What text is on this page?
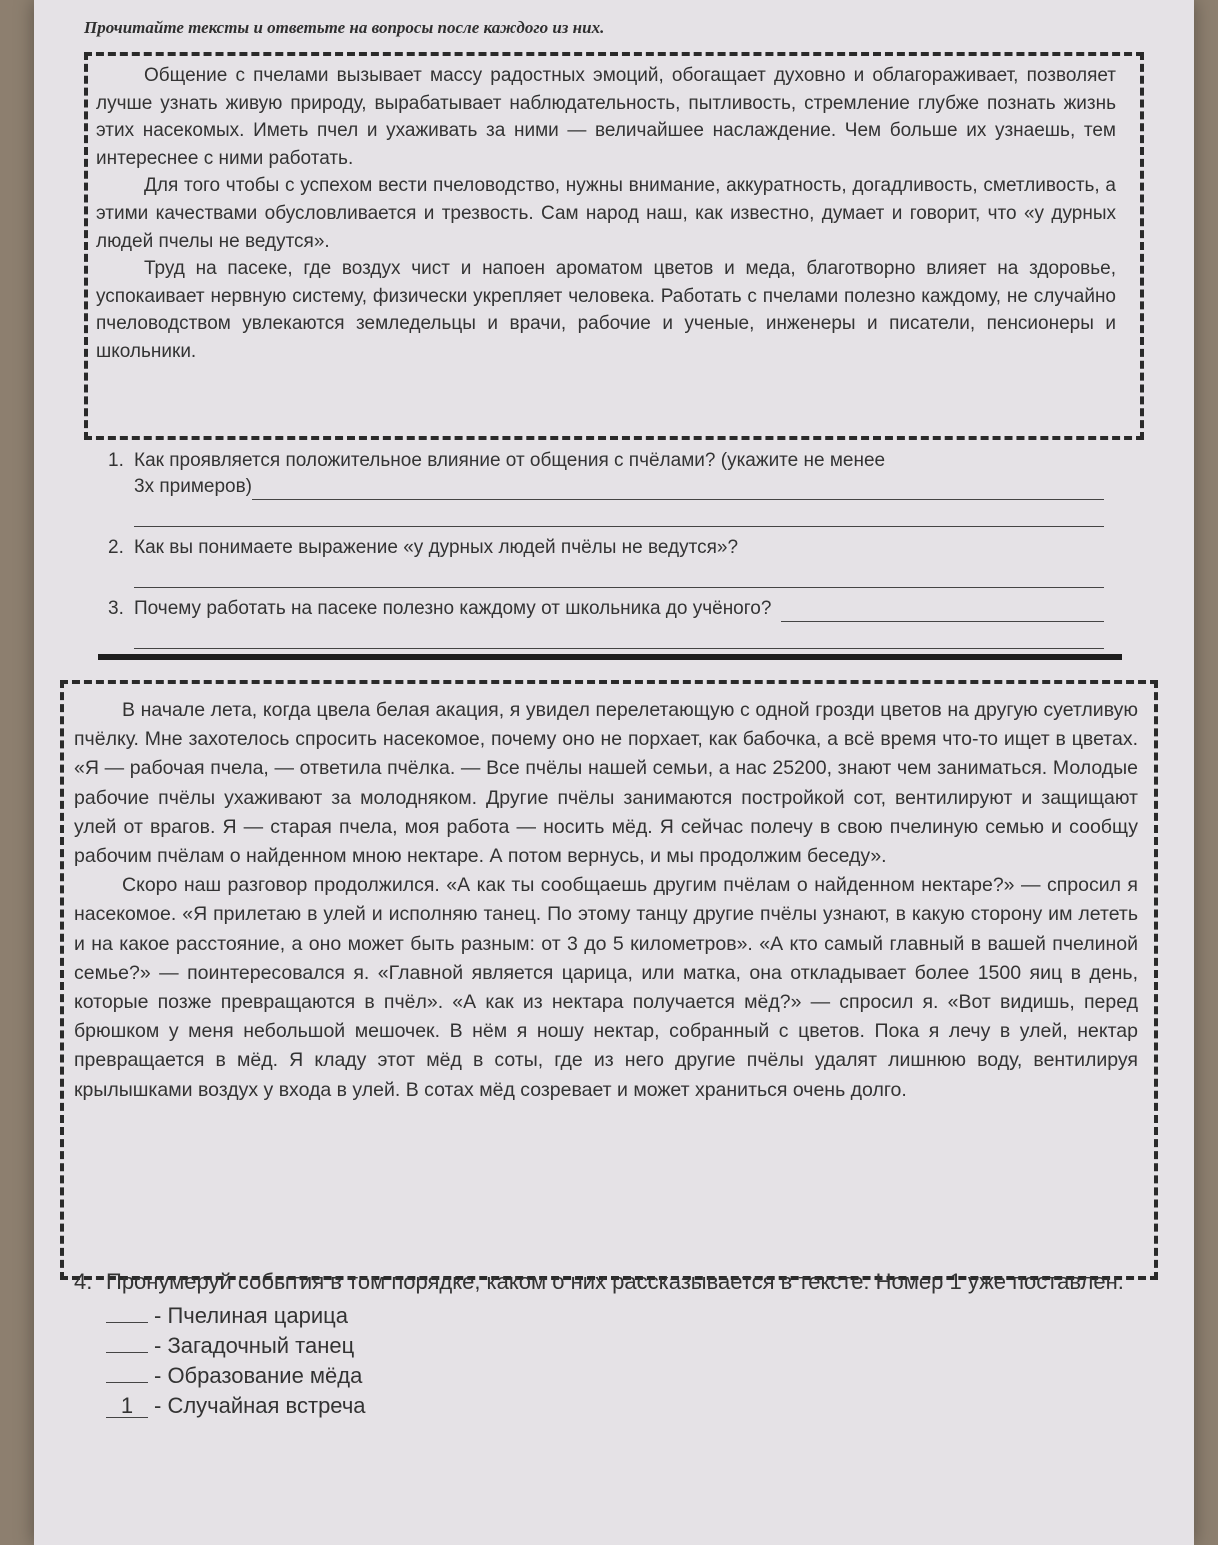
Прочитайте тексты и ответьте на вопросы после каждого из них.

Общение с пчелами вызывает массу радостных эмоций, обогащает духовно и облагораживает, позволяет лучше узнать живую природу, вырабатывает наблюдательность, пытливость, стремление глубже познать жизнь этих насекомых. Иметь пчел и ухаживать за ними — величайшее наслаждение. Чем больше их узнаешь, тем интереснее с ними работать.

Для того чтобы с успехом вести пчеловодство, нужны внимание, аккуратность, догадливость, сметливость, а этими качествами обусловливается и трезвость. Сам народ наш, как известно, думает и говорит, что «у дурных людей пчелы не ведутся».

Труд на пасеке, где воздух чист и напоен ароматом цветов и меда, благотворно влияет на здоровье, успокаивает нервную систему, физически укрепляет человека. Работать с пчелами полезно каждому, не случайно пчеловодством увлекаются земледельцы и врачи, рабочие и ученые, инженеры и писатели, пенсионеры и школьники.

1. Как проявляется положительное влияние от общения с пчёлами? (укажите не менее
3х примеров)
2. Как вы понимаете выражение «у дурных людей пчёлы не ведутся»?
3. Почему работать на пасеке полезно каждому от школьника до учёного?

В начале лета, когда цвела белая акация, я увидел перелетающую с одной грозди цветов на другую суетливую пчёлку. Мне захотелось спросить насекомое, почему оно не порхает, как бабочка, а всё время что-то ищет в цветах. «Я — рабочая пчела, — ответила пчёлка. — Все пчёлы нашей семьи, а нас 25200, знают чем заниматься. Молодые рабочие пчёлы ухаживают за молодняком. Другие пчёлы занимаются постройкой сот, вентилируют и защищают улей от врагов. Я — старая пчела, моя работа — носить мёд. Я сейчас полечу в свою пчелиную семью и сообщу рабочим пчёлам о найденном мною нектаре. А потом вернусь, и мы продолжим беседу».

Скоро наш разговор продолжился. «А как ты сообщаешь другим пчёлам о найденном нектаре?» — спросил я насекомое. «Я прилетаю в улей и исполняю танец. По этому танцу другие пчёлы узнают, в какую сторону им лететь и на какое расстояние, а оно может быть разным: от 3 до 5 километров». «А кто самый главный в вашей пчелиной семье?» — поинтересовался я. «Главной является царица, или матка, она откладывает более 1500 яиц в день, которые позже превращаются в пчёл». «А как из нектара получается мёд?» — спросил я. «Вот видишь, перед брюшком у меня небольшой мешочек. В нём я ношу нектар, собранный с цветов. Пока я лечу в улей, нектар превращается в мёд. Я кладу этот мёд в соты, где из него другие пчёлы удалят лишнюю воду, вентилируя крылышками воздух у входа в улей. В сотах мёд созревает и может храниться очень долго.

4. Пронумеруй события в том порядке, каком о них рассказывается в тексте. Номер 1 уже поставлен.
- Пчелиная царица
- Загадочный танец
- Образование мёда
1 - Случайная встреча
